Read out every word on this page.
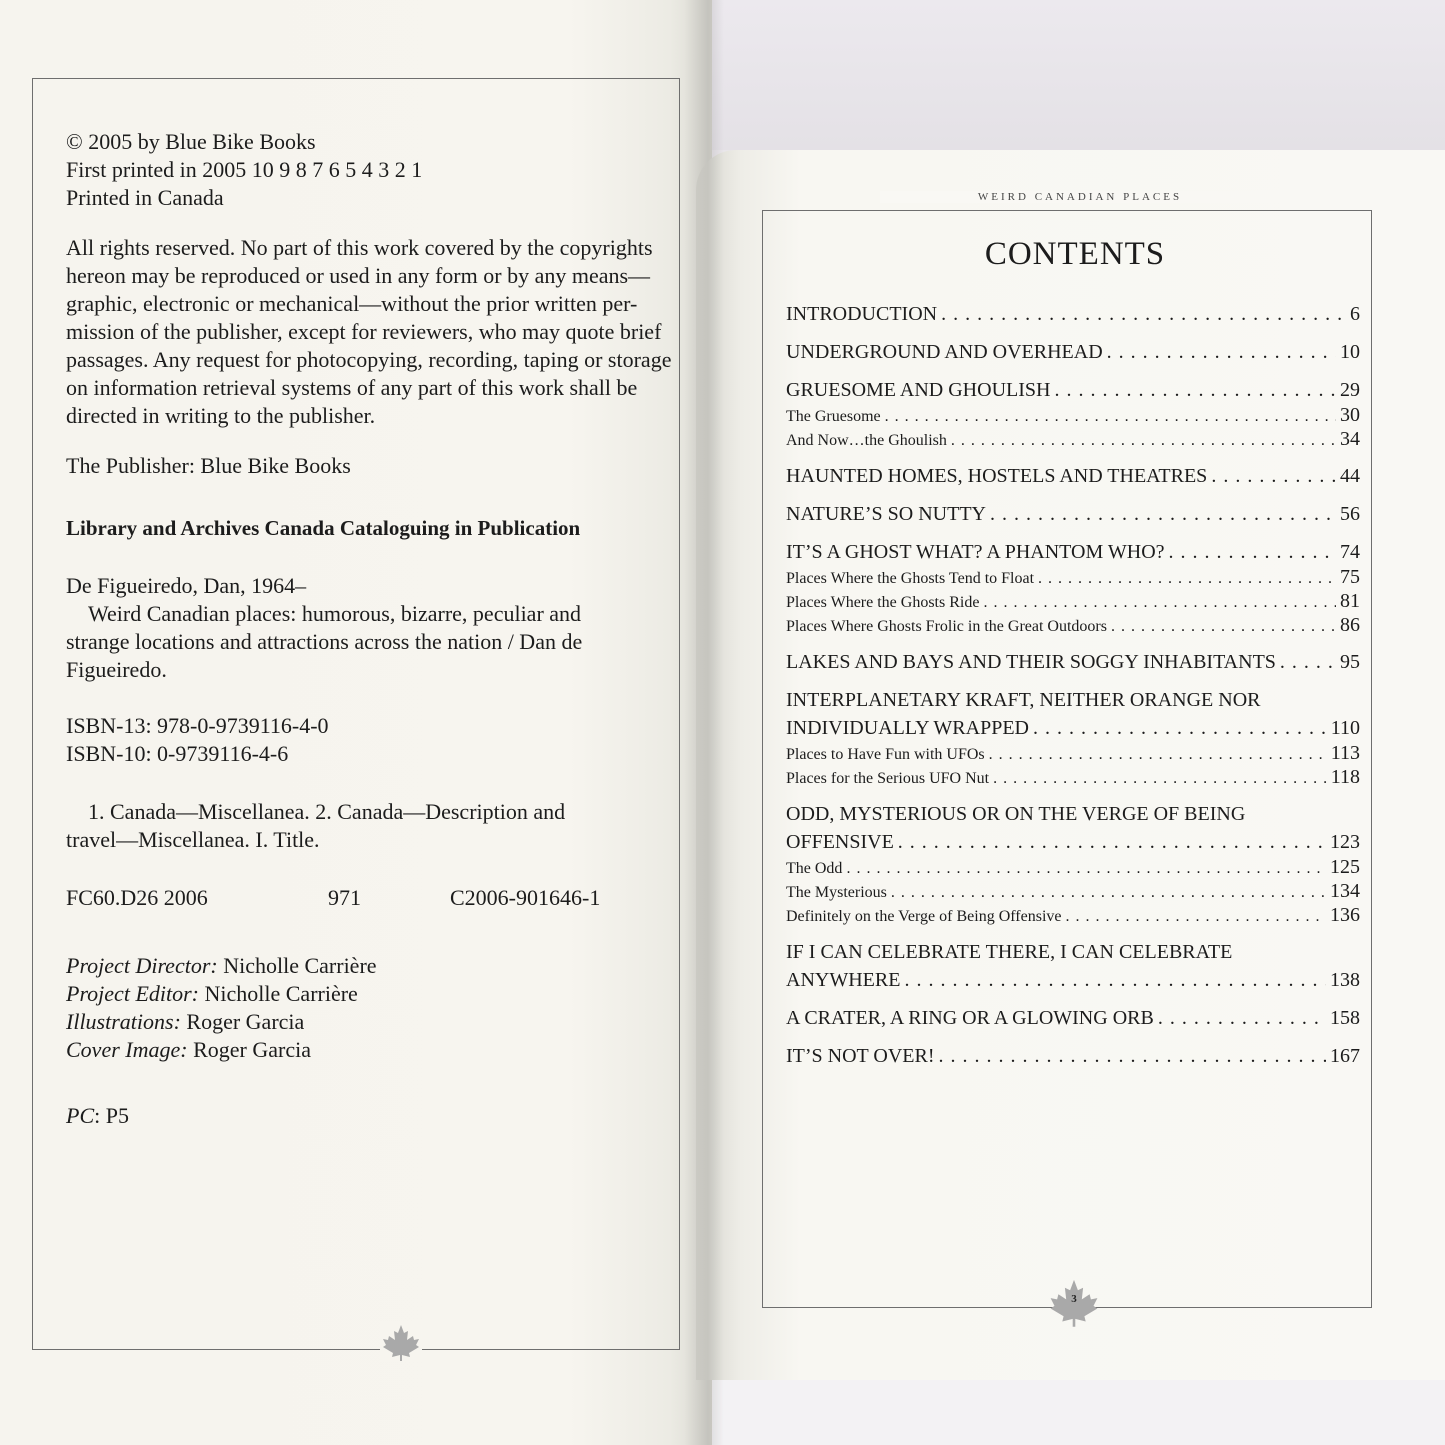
© 2005 by Blue Bike Books
First printed in 2005 10 9 8 7 6 5 4 3 2 1
Printed in Canada
All rights reserved. No part of this work covered by the copyrights
hereon may be reproduced or used in any form or by any means—
graphic, electronic or mechanical—without the prior written per-
mission of the publisher, except for reviewers, who may quote brief
passages. Any request for photocopying, recording, taping or storage
on information retrieval systems of any part of this work shall be
directed in writing to the publisher.
The Publisher: Blue Bike Books
Library and Archives Canada Cataloguing in Publication
De Figueiredo, Dan, 1964–
Weird Canadian places: humorous, bizarre, peculiar and
strange locations and attractions across the nation / Dan de
Figueiredo.
ISBN-13: 978-0-9739116-4-0
ISBN-10: 0-9739116-4-6
1. Canada—Miscellanea. 2. Canada—Description and
travel—Miscellanea. I. Title.
FC60.D26 2006	971	C2006-901646-1
Project Director: Nicholle Carrière
Project Editor: Nicholle Carrière
Illustrations: Roger Garcia
Cover Image: Roger Garcia
PC: P5
WEIRD CANADIAN PLACES
CONTENTS
INTRODUCTION . . .	6
UNDERGROUND AND OVERHEAD . . .	10
GRUESOME AND GHOULISH . . .	29
The Gruesome . . .	30
And Now…the Ghoulish . . .	34
HAUNTED HOMES, HOSTELS AND THEATRES . . .	44
NATURE’S SO NUTTY . . .	56
IT’S A GHOST WHAT? A PHANTOM WHO? . . .	74
Places Where the Ghosts Tend to Float . . .	75
Places Where the Ghosts Ride . . .	81
Places Where Ghosts Frolic in the Great Outdoors . . .	86
LAKES AND BAYS AND THEIR SOGGY INHABITANTS . . .	95
INTERPLANETARY KRAFT, NEITHER ORANGE NOR
INDIVIDUALLY WRAPPED . . .	110
Places to Have Fun with UFOs . . .	113
Places for the Serious UFO Nut . . .	118
ODD, MYSTERIOUS OR ON THE VERGE OF BEING
OFFENSIVE . . .	123
The Odd . . .	125
The Mysterious . . .	134
Definitely on the Verge of Being Offensive . . .	136
IF I CAN CELEBRATE THERE, I CAN CELEBRATE
ANYWHERE . . .	138
A CRATER, A RING OR A GLOWING ORB . . .	158
IT’S NOT OVER! . . .	167
3
